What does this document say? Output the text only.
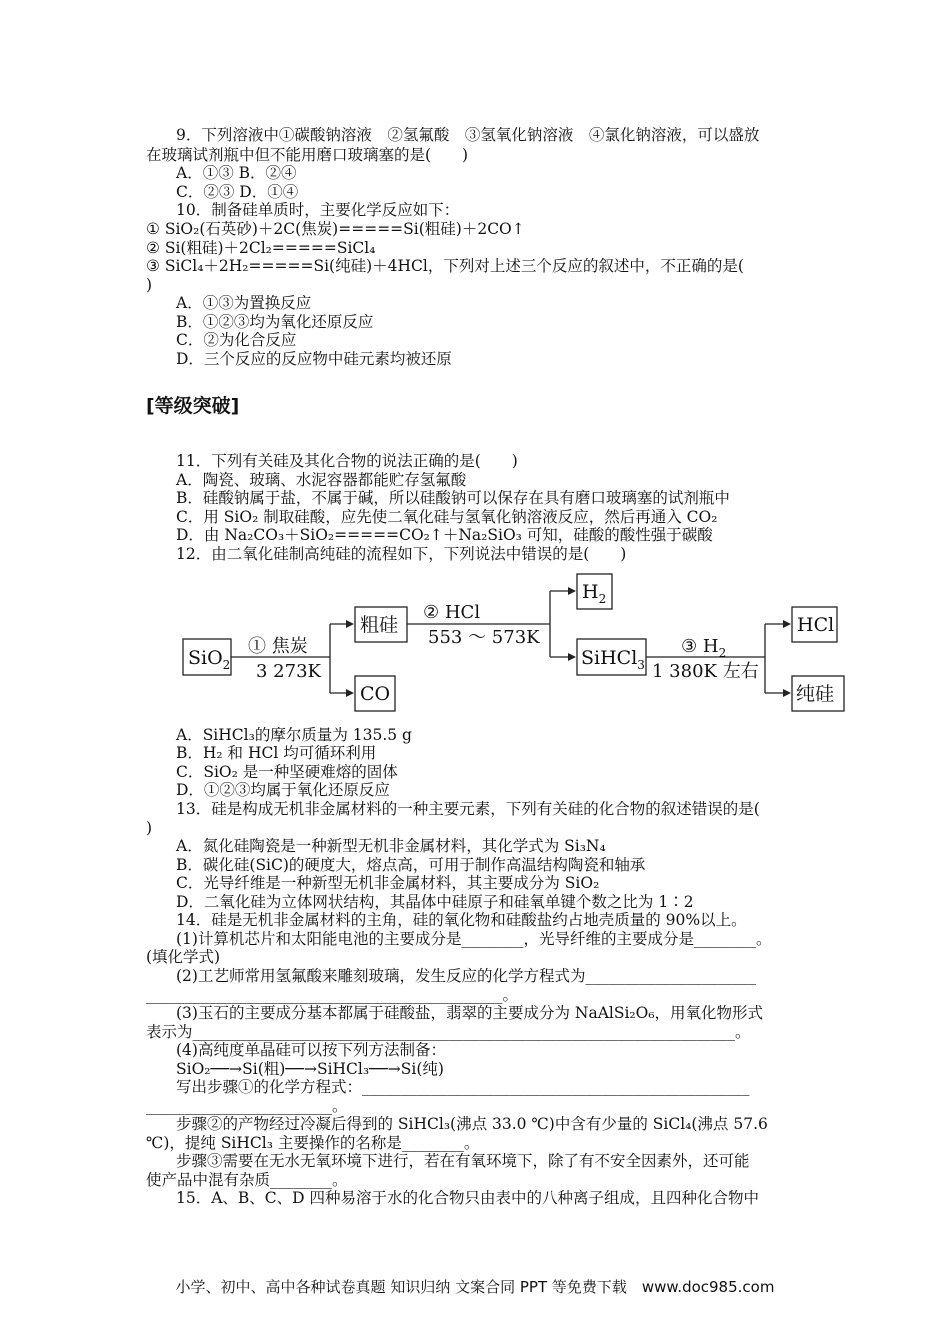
9．下列溶液中①碳酸钠溶液　②氢氟酸　③氢氧化钠溶液　④氯化钠溶液，可以盛放
在玻璃试剂瓶中但不能用磨口玻璃塞的是(　　)
A．①③ B．②④
C．②③ D．①④
10．制备硅单质时，主要化学反应如下：
① SiO₂(石英砂)＋2C(焦炭)=====Si(粗硅)＋2CO↑
② Si(粗硅)＋2Cl₂=====SiCl₄
③ SiCl₄＋2H₂=====Si(纯硅)＋4HCl，下列对上述三个反应的叙述中，不正确的是(
)
A．①③为置换反应
B．①②③均为氧化还原反应
C．②为化合反应
D．三个反应的反应物中硅元素均被还原
[等级突破]
11．下列有关硅及其化合物的说法正确的是(　　)
A．陶瓷、玻璃、水泥容器都能贮存氢氟酸
B．硅酸钠属于盐，不属于碱，所以硅酸钠可以保存在具有磨口玻璃塞的试剂瓶中
C．用 SiO₂ 制取硅酸，应先使二氧化硅与氢氧化钠溶液反应，然后再通入 CO₂
D．由 Na₂CO₃＋SiO₂=====CO₂↑＋Na₂SiO₃ 可知，硅酸的酸性强于碳酸
12．由二氧化硅制高纯硅的流程如下，下列说法中错误的是(　　)
SiO$_2$
粗硅
CO
$H_2$
SiHCl$_3$
HCl
纯硅
① 焦炭
3 273K
② HCl
553 ～ 573K	③ $H_2$
1 380K 左右
A．SiHCl₃的摩尔质量为 135.5 g
B．H₂ 和 HCl 均可循环利用
C．SiO₂ 是一种坚硬难熔的固体
D．①②③均属于氧化还原反应
13．硅是构成无机非金属材料的一种主要元素，下列有关硅的化合物的叙述错误的是(
)
A．氮化硅陶瓷是一种新型无机非金属材料，其化学式为 Si₃N₄
B．碳化硅(SiC)的硬度大，熔点高，可用于制作高温结构陶瓷和轴承
C．光导纤维是一种新型无机非金属材料，其主要成分为 SiO₂
D．二氧化硅为立体网状结构，其晶体中硅原子和硅氧单键个数之比为 1∶2
14．硅是无机非金属材料的主角，硅的氧化物和硅酸盐约占地壳质量的 90%以上。
(1)计算机芯片和太阳能电池的主要成分是________，光导纤维的主要成分是________。
(填化学式)
(2)工艺师常用氢氟酸来雕刻玻璃，发生反应的化学方程式为______________________
______________________________________________。
(3)玉石的主要成分基本都属于硅酸盐，翡翠的主要成分为 NaAlSi₂O₆，用氧化物形式
表示为______________________________________________________________________。
(4)高纯度单晶硅可以按下列方法制备：
SiO₂──→Si(粗)──→SiHCl₃──→Si(纯)
写出步骤①的化学方程式：__________________________________________________
________________________。
步骤②的产物经过冷凝后得到的 SiHCl₃(沸点 33.0 ℃)中含有少量的 SiCl₄(沸点 57.6
℃)，提纯 SiHCl₃ 主要操作的名称是________。
步骤③需要在无水无氧环境下进行，若在有氧环境下，除了有不安全因素外，还可能
使产品中混有杂质________。
15．A、B、C、D 四种易溶于水的化合物只由表中的八种离子组成，且四种化合物中
小学、初中、高中各种试卷真题 知识归纳 文案合同 PPT 等免费下载　www.doc985.com
